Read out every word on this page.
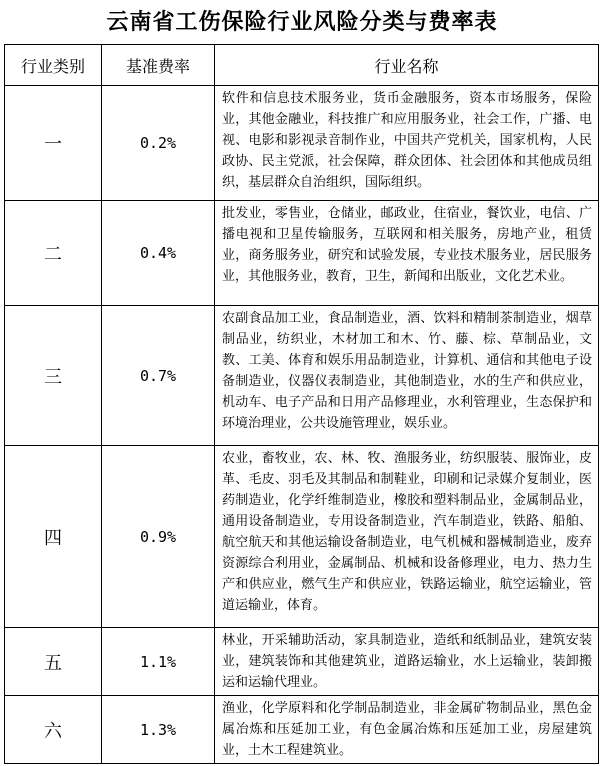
云南省工伤保险行业风险分类与费率表
行业类别	基准费率	行业名称
一	0.2%	软件和信息技术服务业，货币金融服务，资本市场服务，保险业，其他金融业，科技推广和应用服务业，社会工作，广播、电视、电影和影视录音制作业，中国共产党机关，国家机构，人民政协、民主党派，社会保障，群众团体、社会团体和其他成员组织，基层群众自治组织，国际组织。
二	0.4%	批发业，零售业，仓储业，邮政业，住宿业，餐饮业，电信、广播电视和卫星传输服务，互联网和相关服务，房地产业，租赁业，商务服务业，研究和试验发展，专业技术服务业，居民服务业，其他服务业，教育，卫生，新闻和出版业，文化艺术业。
三	0.7%	农副食品加工业，食品制造业，酒、饮料和精制茶制造业，烟草制品业，纺织业，木材加工和木、竹、藤、棕、草制品业，文教、工美、体育和娱乐用品制造业，计算机、通信和其他电子设备制造业，仪器仪表制造业，其他制造业，水的生产和供应业，机动车、电子产品和日用产品修理业，水利管理业，生态保护和环境治理业，公共设施管理业，娱乐业。
四	0.9%	农业，畜牧业，农、林、牧、渔服务业，纺织服装、服饰业，皮革、毛皮、羽毛及其制品和制鞋业，印刷和记录媒介复制业，医药制造业，化学纤维制造业，橡胶和塑料制品业，金属制品业，通用设备制造业，专用设备制造业，汽车制造业，铁路、船舶、航空航天和其他运输设备制造业，电气机械和器械制造业，废弃资源综合利用业，金属制品、机械和设备修理业，电力、热力生产和供应业，燃气生产和供应业，铁路运输业，航空运输业，管道运输业，体育。
五	1.1%	林业，开采辅助活动，家具制造业，造纸和纸制品业，建筑安装业，建筑装饰和其他建筑业，道路运输业，水上运输业，装卸搬运和运输代理业。
六	1.3%	渔业，化学原料和化学制品制造业，非金属矿物制品业，黑色金属冶炼和压延加工业，有色金属冶炼和压延加工业，房屋建筑业，土木工程建筑业。
